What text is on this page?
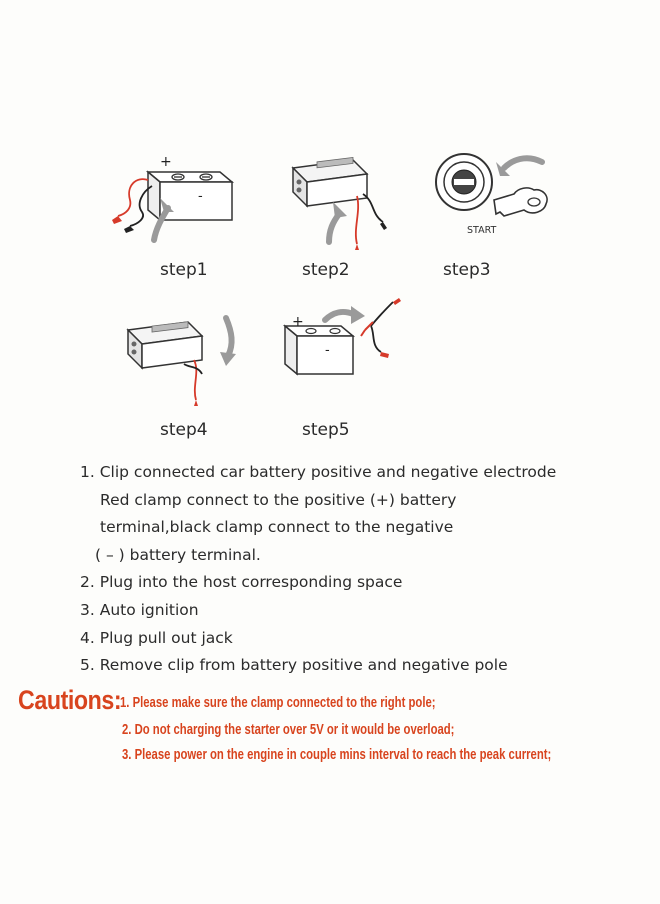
+
-
step1	step2
START
step3
step4
+
-
step5
1. Clip connected car battery positive and negative electrode
Red clamp connect to the positive (+) battery
terminal,black clamp connect to the negative
( – ) battery terminal.
2. Plug into the host corresponding space
3. Auto ignition
4. Plug pull out jack
5. Remove clip from battery positive and negative pole
Cautions:
1. Please make sure the clamp connected to the right pole;
2. Do not charging the starter over 5V or it would be overload;
3. Please power on the engine in couple mins interval to reach the peak current;
